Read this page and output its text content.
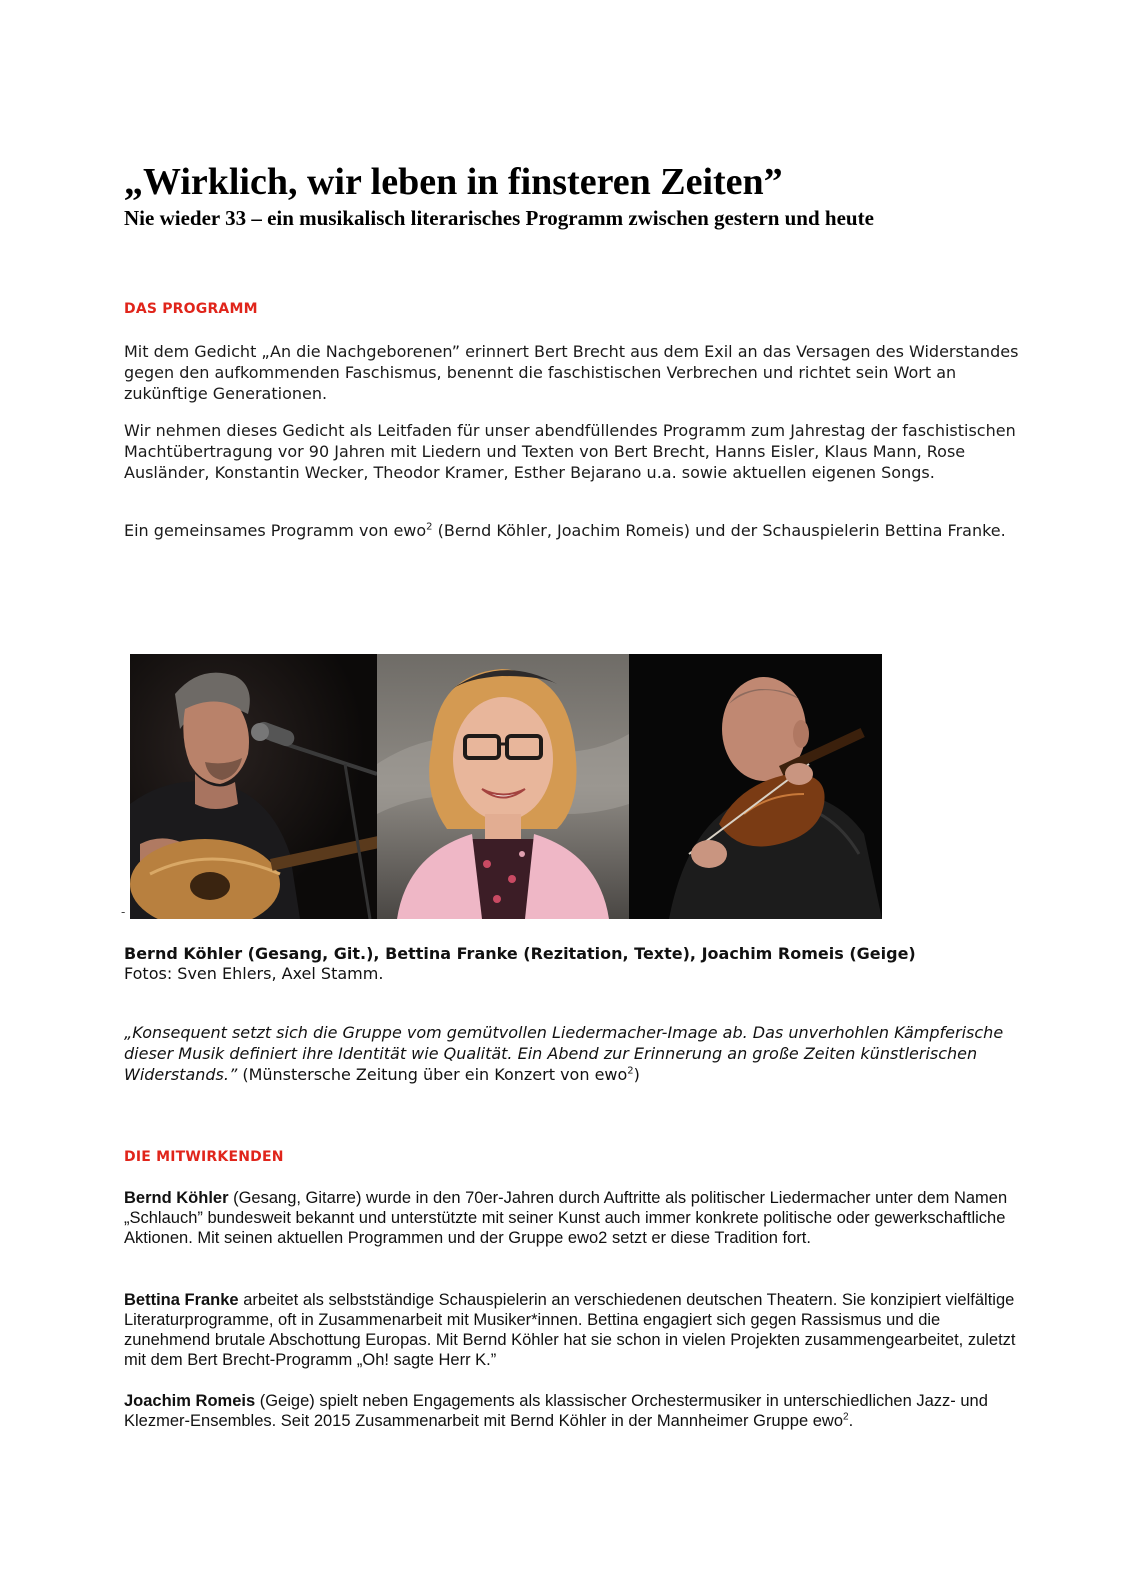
„Wirklich, wir leben in finsteren Zeiten”
Nie wieder 33 – ein musikalisch literarisches Programm zwischen gestern und heute
DAS PROGRAMM

Mit dem Gedicht „An die Nachgeborenen” erinnert Bert Brecht aus dem Exil an das Versagen des Widerstandes gegen den aufkommenden Faschismus, benennt die faschistischen Verbrechen und richtet sein Wort an zukünftige Generationen.

Wir nehmen dieses Gedicht als Leitfaden für unser abendfüllendes Programm zum Jahrestag der faschistischen Machtübertragung vor 90 Jahren mit Liedern und Texten von Bert Brecht, Hanns Eisler, Klaus Mann, Rose Ausländer, Konstantin Wecker, Theodor Kramer, Esther Bejarano u.a. sowie aktuellen eigenen Songs.

Ein gemeinsames Programm von ewo$^2$ (Bernd Köhler, Joachim Romeis) und der Schauspielerin Bettina Franke.

DIE MITWIRKENDEN

Bernd Köhler (Gesang, Git.), Bettina Franke (Rezitation, Texte), Joachim Romeis (Geige)

Fotos: Sven Ehlers, Axel Stamm.

„Konsequent setzt sich die Gruppe vom gemütvollen Liedermacher-Image ab. Das unverhohlen Kämpferische dieser Musik definiert ihre Identität wie Qualität. Ein Abend zur Erinnerung an große Zeiten künstlerischen Widerstands.” (Münstersche Zeitung über ein Konzert von ewo$^2$)

Bernd Köhler (Gesang, Gitarre) wurde in den 70er-Jahren durch Auftritte als politischer Liedermacher unter dem Namen „Schlauch” bundesweit bekannt und unterstützte mit seiner Kunst auch immer konkrete politische oder gewerkschaftliche Aktionen. Mit seinen aktuellen Programmen und der Gruppe ewo2 setzt er diese Tradition fort.

Bettina Franke arbeitet als selbstständige Schauspielerin an verschiedenen deutschen Theatern. Sie konzipiert vielfältige Literaturprogramme, oft in Zusammenarbeit mit Musiker*innen. Bettina engagiert sich gegen Rassismus und die zunehmend brutale Abschottung Europas. Mit Bernd Köhler hat sie schon in vielen Projekten zusammengearbeitet, zuletzt mit dem Bert Brecht-Programm „Oh! sagte Herr K.”

Joachim Romeis (Geige) spielt neben Engagements als klassischer Orchestermusiker in unterschiedlichen Jazz- und Klezmer-Ensembles. Seit 2015 Zusammenarbeit mit Bernd Köhler in der Mannheimer Gruppe ewo$^2$.

-
